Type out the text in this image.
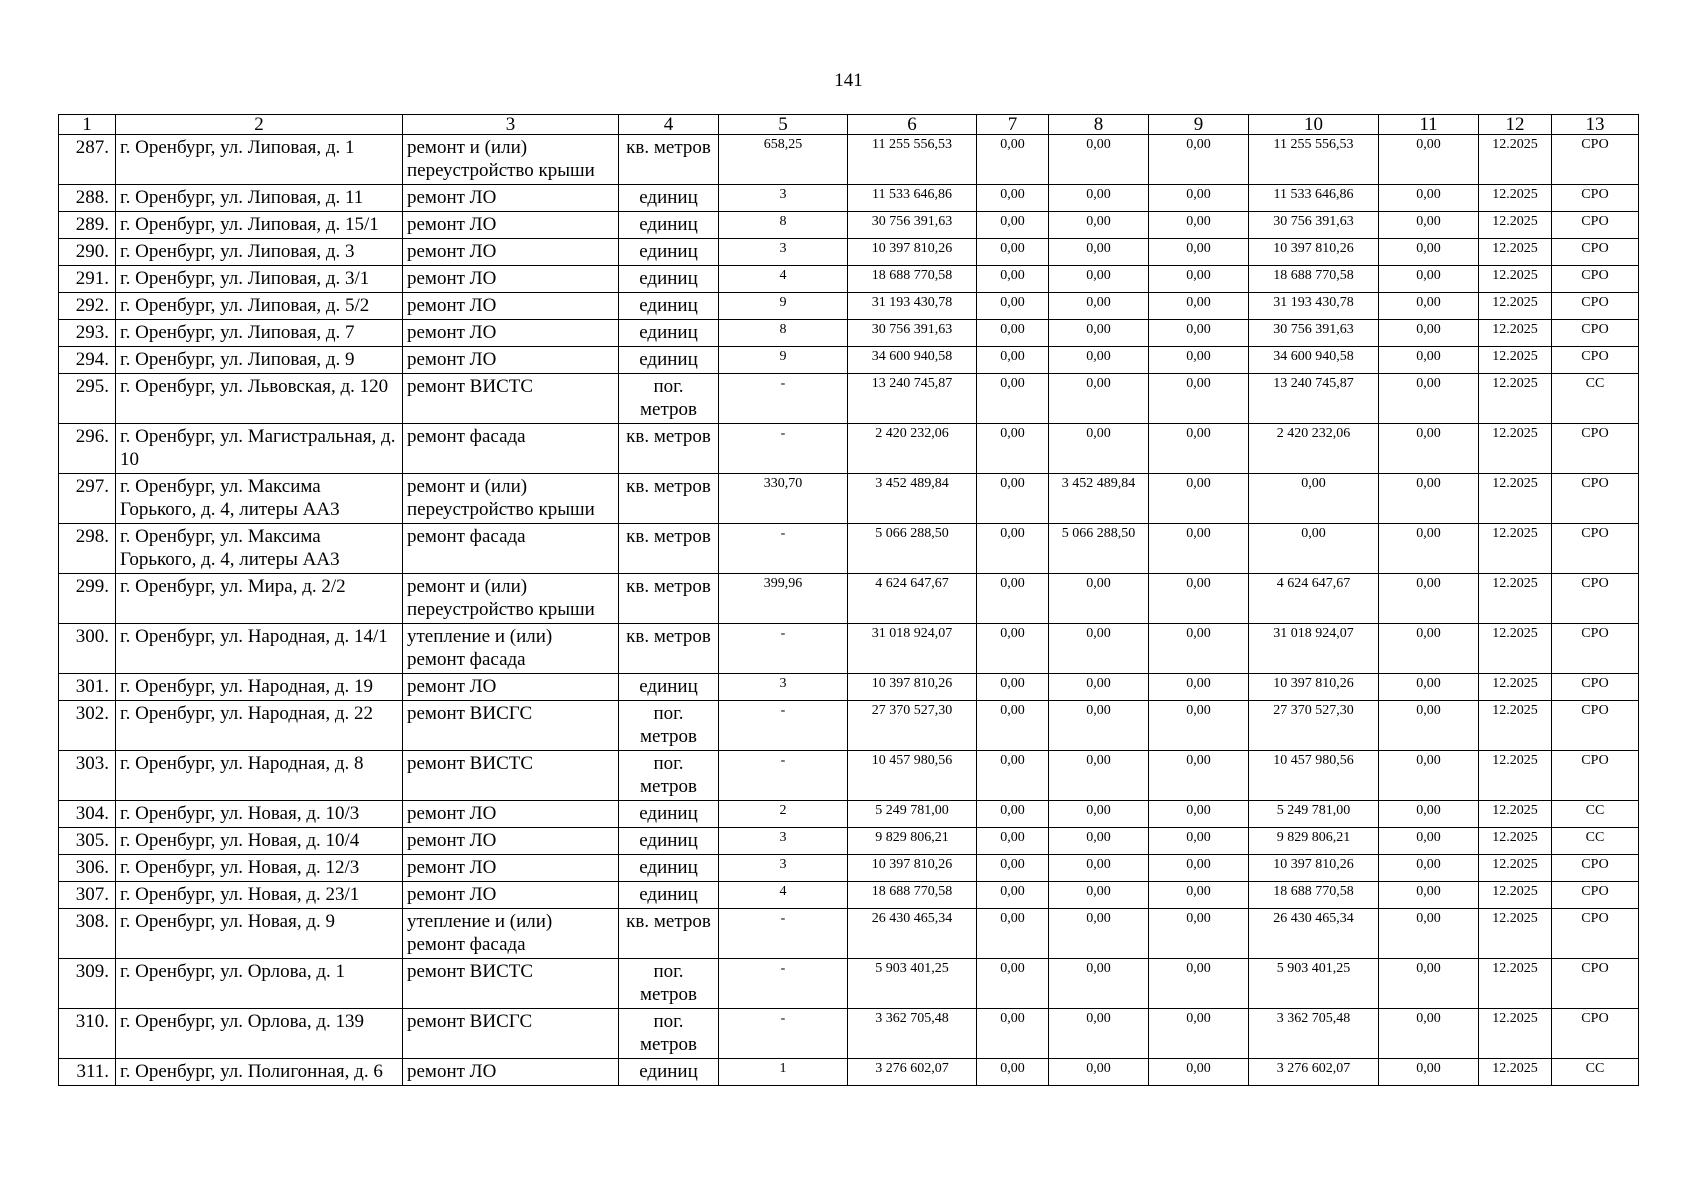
141
1	2	3	4	5	6	7	8	9	10	11	12	13
287.	г. Оренбург, ул. Липовая, д. 1	ремонт и (или) переустройство крыши	кв. метров	658,25	11 255 556,53	0,00	0,00	0,00	11 255 556,53	0,00	12.2025	СРО
288.	г. Оренбург, ул. Липовая, д. 11	ремонт ЛО	единиц	3	11 533 646,86	0,00	0,00	0,00	11 533 646,86	0,00	12.2025	СРО
289.	г. Оренбург, ул. Липовая, д. 15/1	ремонт ЛО	единиц	8	30 756 391,63	0,00	0,00	0,00	30 756 391,63	0,00	12.2025	СРО
290.	г. Оренбург, ул. Липовая, д. 3	ремонт ЛО	единиц	3	10 397 810,26	0,00	0,00	0,00	10 397 810,26	0,00	12.2025	СРО
291.	г. Оренбург, ул. Липовая, д. 3/1	ремонт ЛО	единиц	4	18 688 770,58	0,00	0,00	0,00	18 688 770,58	0,00	12.2025	СРО
292.	г. Оренбург, ул. Липовая, д. 5/2	ремонт ЛО	единиц	9	31 193 430,78	0,00	0,00	0,00	31 193 430,78	0,00	12.2025	СРО
293.	г. Оренбург, ул. Липовая, д. 7	ремонт ЛО	единиц	8	30 756 391,63	0,00	0,00	0,00	30 756 391,63	0,00	12.2025	СРО
294.	г. Оренбург, ул. Липовая, д. 9	ремонт ЛО	единиц	9	34 600 940,58	0,00	0,00	0,00	34 600 940,58	0,00	12.2025	СРО
295.	г. Оренбург, ул. Львовская, д. 120	ремонт ВИСТС	пог. метров	-	13 240 745,87	0,00	0,00	0,00	13 240 745,87	0,00	12.2025	СС
296.	г. Оренбург, ул. Магистральная, д. 10	ремонт фасада	кв. метров	-	2 420 232,06	0,00	0,00	0,00	2 420 232,06	0,00	12.2025	СРО
297.	г. Оренбург, ул. Максима Горького, д. 4, литеры АА3	ремонт и (или) переустройство крыши	кв. метров	330,70	3 452 489,84	0,00	3 452 489,84	0,00	0,00	0,00	12.2025	СРО
298.	г. Оренбург, ул. Максима Горького, д. 4, литеры АА3	ремонт фасада	кв. метров	-	5 066 288,50	0,00	5 066 288,50	0,00	0,00	0,00	12.2025	СРО
299.	г. Оренбург, ул. Мира, д. 2/2	ремонт и (или) переустройство крыши	кв. метров	399,96	4 624 647,67	0,00	0,00	0,00	4 624 647,67	0,00	12.2025	СРО
300.	г. Оренбург, ул. Народная, д. 14/1	утепление и (или) ремонт фасада	кв. метров	-	31 018 924,07	0,00	0,00	0,00	31 018 924,07	0,00	12.2025	СРО
301.	г. Оренбург, ул. Народная, д. 19	ремонт ЛО	единиц	3	10 397 810,26	0,00	0,00	0,00	10 397 810,26	0,00	12.2025	СРО
302.	г. Оренбург, ул. Народная, д. 22	ремонт ВИСГС	пог. метров	-	27 370 527,30	0,00	0,00	0,00	27 370 527,30	0,00	12.2025	СРО
303.	г. Оренбург, ул. Народная, д. 8	ремонт ВИСТС	пог. метров	-	10 457 980,56	0,00	0,00	0,00	10 457 980,56	0,00	12.2025	СРО
304.	г. Оренбург, ул. Новая, д. 10/3	ремонт ЛО	единиц	2	5 249 781,00	0,00	0,00	0,00	5 249 781,00	0,00	12.2025	СС
305.	г. Оренбург, ул. Новая, д. 10/4	ремонт ЛО	единиц	3	9 829 806,21	0,00	0,00	0,00	9 829 806,21	0,00	12.2025	СС
306.	г. Оренбург, ул. Новая, д. 12/3	ремонт ЛО	единиц	3	10 397 810,26	0,00	0,00	0,00	10 397 810,26	0,00	12.2025	СРО
307.	г. Оренбург, ул. Новая, д. 23/1	ремонт ЛО	единиц	4	18 688 770,58	0,00	0,00	0,00	18 688 770,58	0,00	12.2025	СРО
308.	г. Оренбург, ул. Новая, д. 9	утепление и (или) ремонт фасада	кв. метров	-	26 430 465,34	0,00	0,00	0,00	26 430 465,34	0,00	12.2025	СРО
309.	г. Оренбург, ул. Орлова, д. 1	ремонт ВИСТС	пог. метров	-	5 903 401,25	0,00	0,00	0,00	5 903 401,25	0,00	12.2025	СРО
310.	г. Оренбург, ул. Орлова, д. 139	ремонт ВИСГС	пог. метров	-	3 362 705,48	0,00	0,00	0,00	3 362 705,48	0,00	12.2025	СРО
311.	г. Оренбург, ул. Полигонная, д. 6	ремонт ЛО	единиц	1	3 276 602,07	0,00	0,00	0,00	3 276 602,07	0,00	12.2025	СС
